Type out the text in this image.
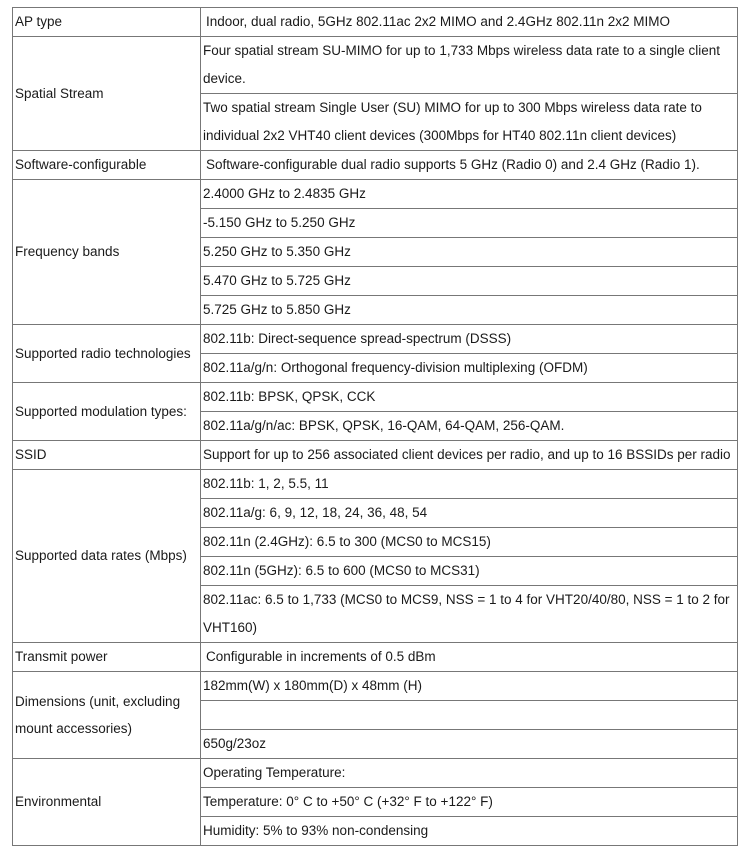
AP type	Indoor, dual radio, 5GHz 802.11ac 2x2 MIMO and 2.4GHz 802.11n 2x2 MIMO
Spatial Stream	Four spatial stream SU-MIMO for up to 1,733 Mbps wireless data rate to a single client device.
	Two spatial stream Single User (SU) MIMO for up to 300 Mbps wireless data rate to individual 2x2 VHT40 client devices (300Mbps for HT40 802.11n client devices)
Software-configurable	Software-configurable dual radio supports 5 GHz (Radio 0) and 2.4 GHz (Radio 1).
Frequency bands	2.4000 GHz to 2.4835 GHz
	-5.150 GHz to 5.250 GHz
	5.250 GHz to 5.350 GHz
	5.470 GHz to 5.725 GHz
	5.725 GHz to 5.850 GHz
Supported radio technologies	802.11b: Direct-sequence spread-spectrum (DSSS)
	802.11a/g/n: Orthogonal frequency-division multiplexing (OFDM)
Supported modulation types:	802.11b: BPSK, QPSK, CCK
	802.11a/g/n/ac: BPSK, QPSK, 16-QAM, 64-QAM, 256-QAM.
SSID	Support for up to 256 associated client devices per radio, and up to 16 BSSIDs per radio
Supported data rates (Mbps)	802.11b: 1, 2, 5.5, 11
	802.11a/g: 6, 9, 12, 18, 24, 36, 48, 54
	802.11n (2.4GHz): 6.5 to 300 (MCS0 to MCS15)
	802.11n (5GHz): 6.5 to 600 (MCS0 to MCS31)
	802.11ac: 6.5 to 1,733 (MCS0 to MCS9, NSS = 1 to 4 for VHT20/40/80, NSS = 1 to 2 for VHT160)
Transmit power	Configurable in increments of 0.5 dBm
Dimensions (unit, excluding mount accessories)	182mm(W) x 180mm(D) x 48mm (H)

	650g/23oz
Environmental	Operating Temperature:
	Temperature: 0° C to +50° C (+32° F to +122° F)
	Humidity: 5% to 93% non-condensing
